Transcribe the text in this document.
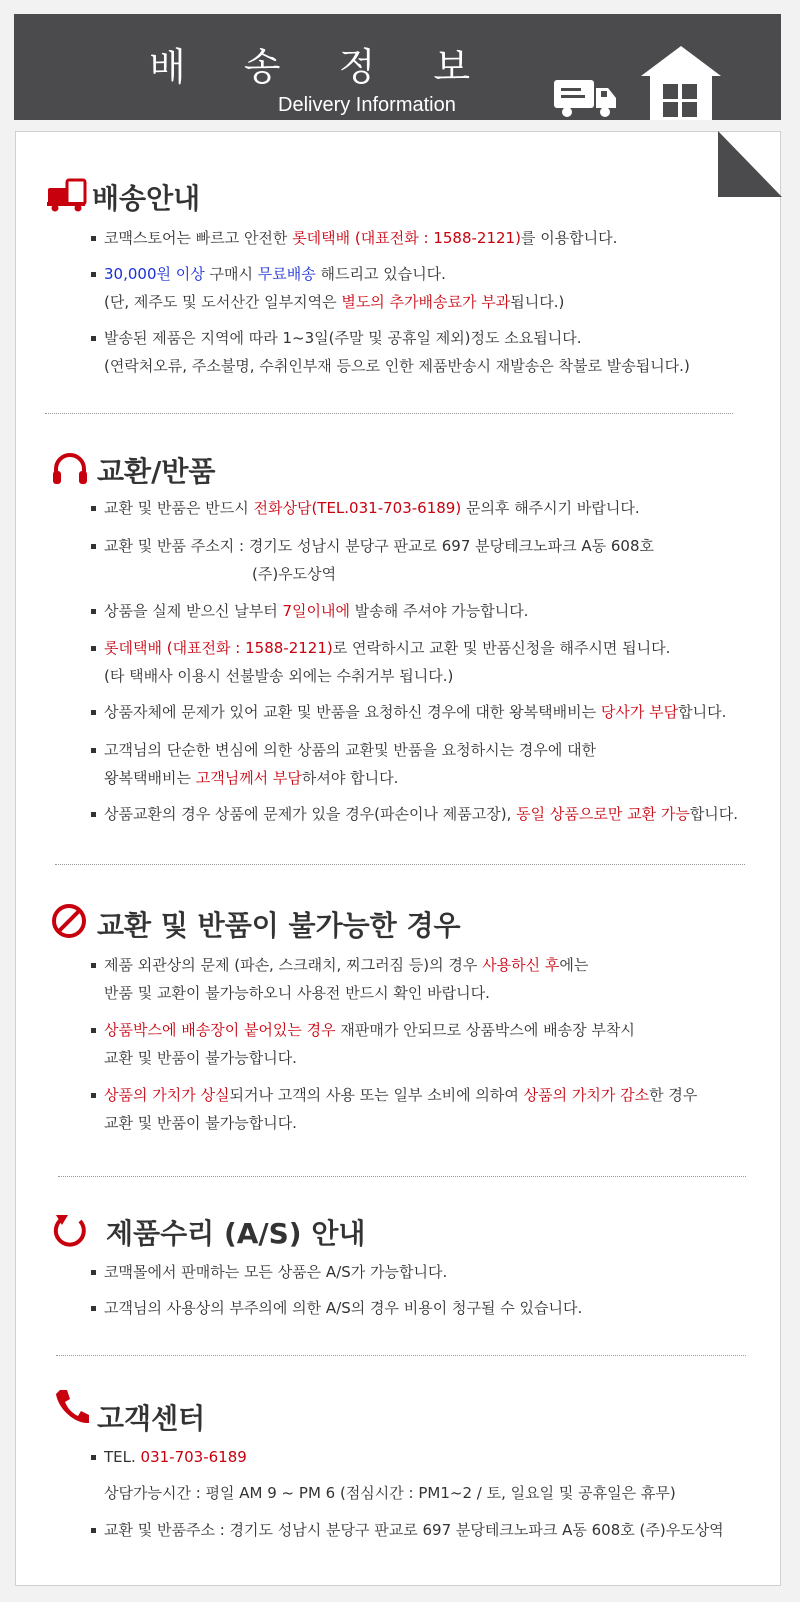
배 송 정 보
Delivery Information
배송안내
코맥스토어는 빠르고 안전한 롯데택배 (대표전화 : 1588-2121)를 이용합니다.
30,000원 이상 구매시 무료배송 해드리고 있습니다.
(단, 제주도 및 도서산간 일부지역은 별도의 추가배송료가 부과됩니다.)
발송된 제품은 지역에 따라 1~3일(주말 및 공휴일 제외)정도 소요됩니다.
(연락처오류, 주소불명, 수취인부재 등으로 인한 제품반송시 재발송은 착불로 발송됩니다.)
교환/반품
교환 및 반품은 반드시 전화상담(TEL.031-703-6189) 문의후 해주시기 바랍니다.
교환 및 반품 주소지 : 경기도 성남시 분당구 판교로 697 분당테크노파크 A동 608호
(주)우도상역
상품을 실제 받으신 날부터 7일이내에 발송해 주셔야 가능합니다.
롯데택배 (대표전화 : 1588-2121)로 연락하시고 교환 및 반품신청을 해주시면 됩니다.
(타 택배사 이용시 선불발송 외에는 수취거부 됩니다.)
상품자체에 문제가 있어 교환 및 반품을 요청하신 경우에 대한 왕복택배비는 당사가 부담합니다.
고객님의 단순한 변심에 의한 상품의 교환및 반품을 요청하시는 경우에 대한
왕복택배비는 고객님께서 부담하셔야 합니다.
상품교환의 경우 상품에 문제가 있을 경우(파손이나 제품고장), 동일 상품으로만 교환 가능합니다.
교환 및 반품이 불가능한 경우
제품 외관상의 문제 (파손, 스크래치, 찌그러짐 등)의 경우 사용하신 후에는
반품 및 교환이 불가능하오니 사용전 반드시 확인 바랍니다.
상품박스에 배송장이 붙어있는 경우 재판매가 안되므로 상품박스에 배송장 부착시
교환 및 반품이 불가능합니다.
상품의 가치가 상실되거나 고객의 사용 또는 일부 소비에 의하여 상품의 가치가 감소한 경우
교환 및 반품이 불가능합니다.
제품수리 (A/S) 안내
코맥몰에서 판매하는 모든 상품은 A/S가 가능합니다.
고객님의 사용상의 부주의에 의한 A/S의 경우 비용이 청구될 수 있습니다.
고객센터
TEL. 031-703-6189
상담가능시간 : 평일 AM 9 ~ PM 6 (점심시간 : PM1~2 / 토, 일요일 및 공휴일은 휴무)
교환 및 반품주소 : 경기도 성남시 분당구 판교로 697 분당테크노파크 A동 608호 (주)우도상역
